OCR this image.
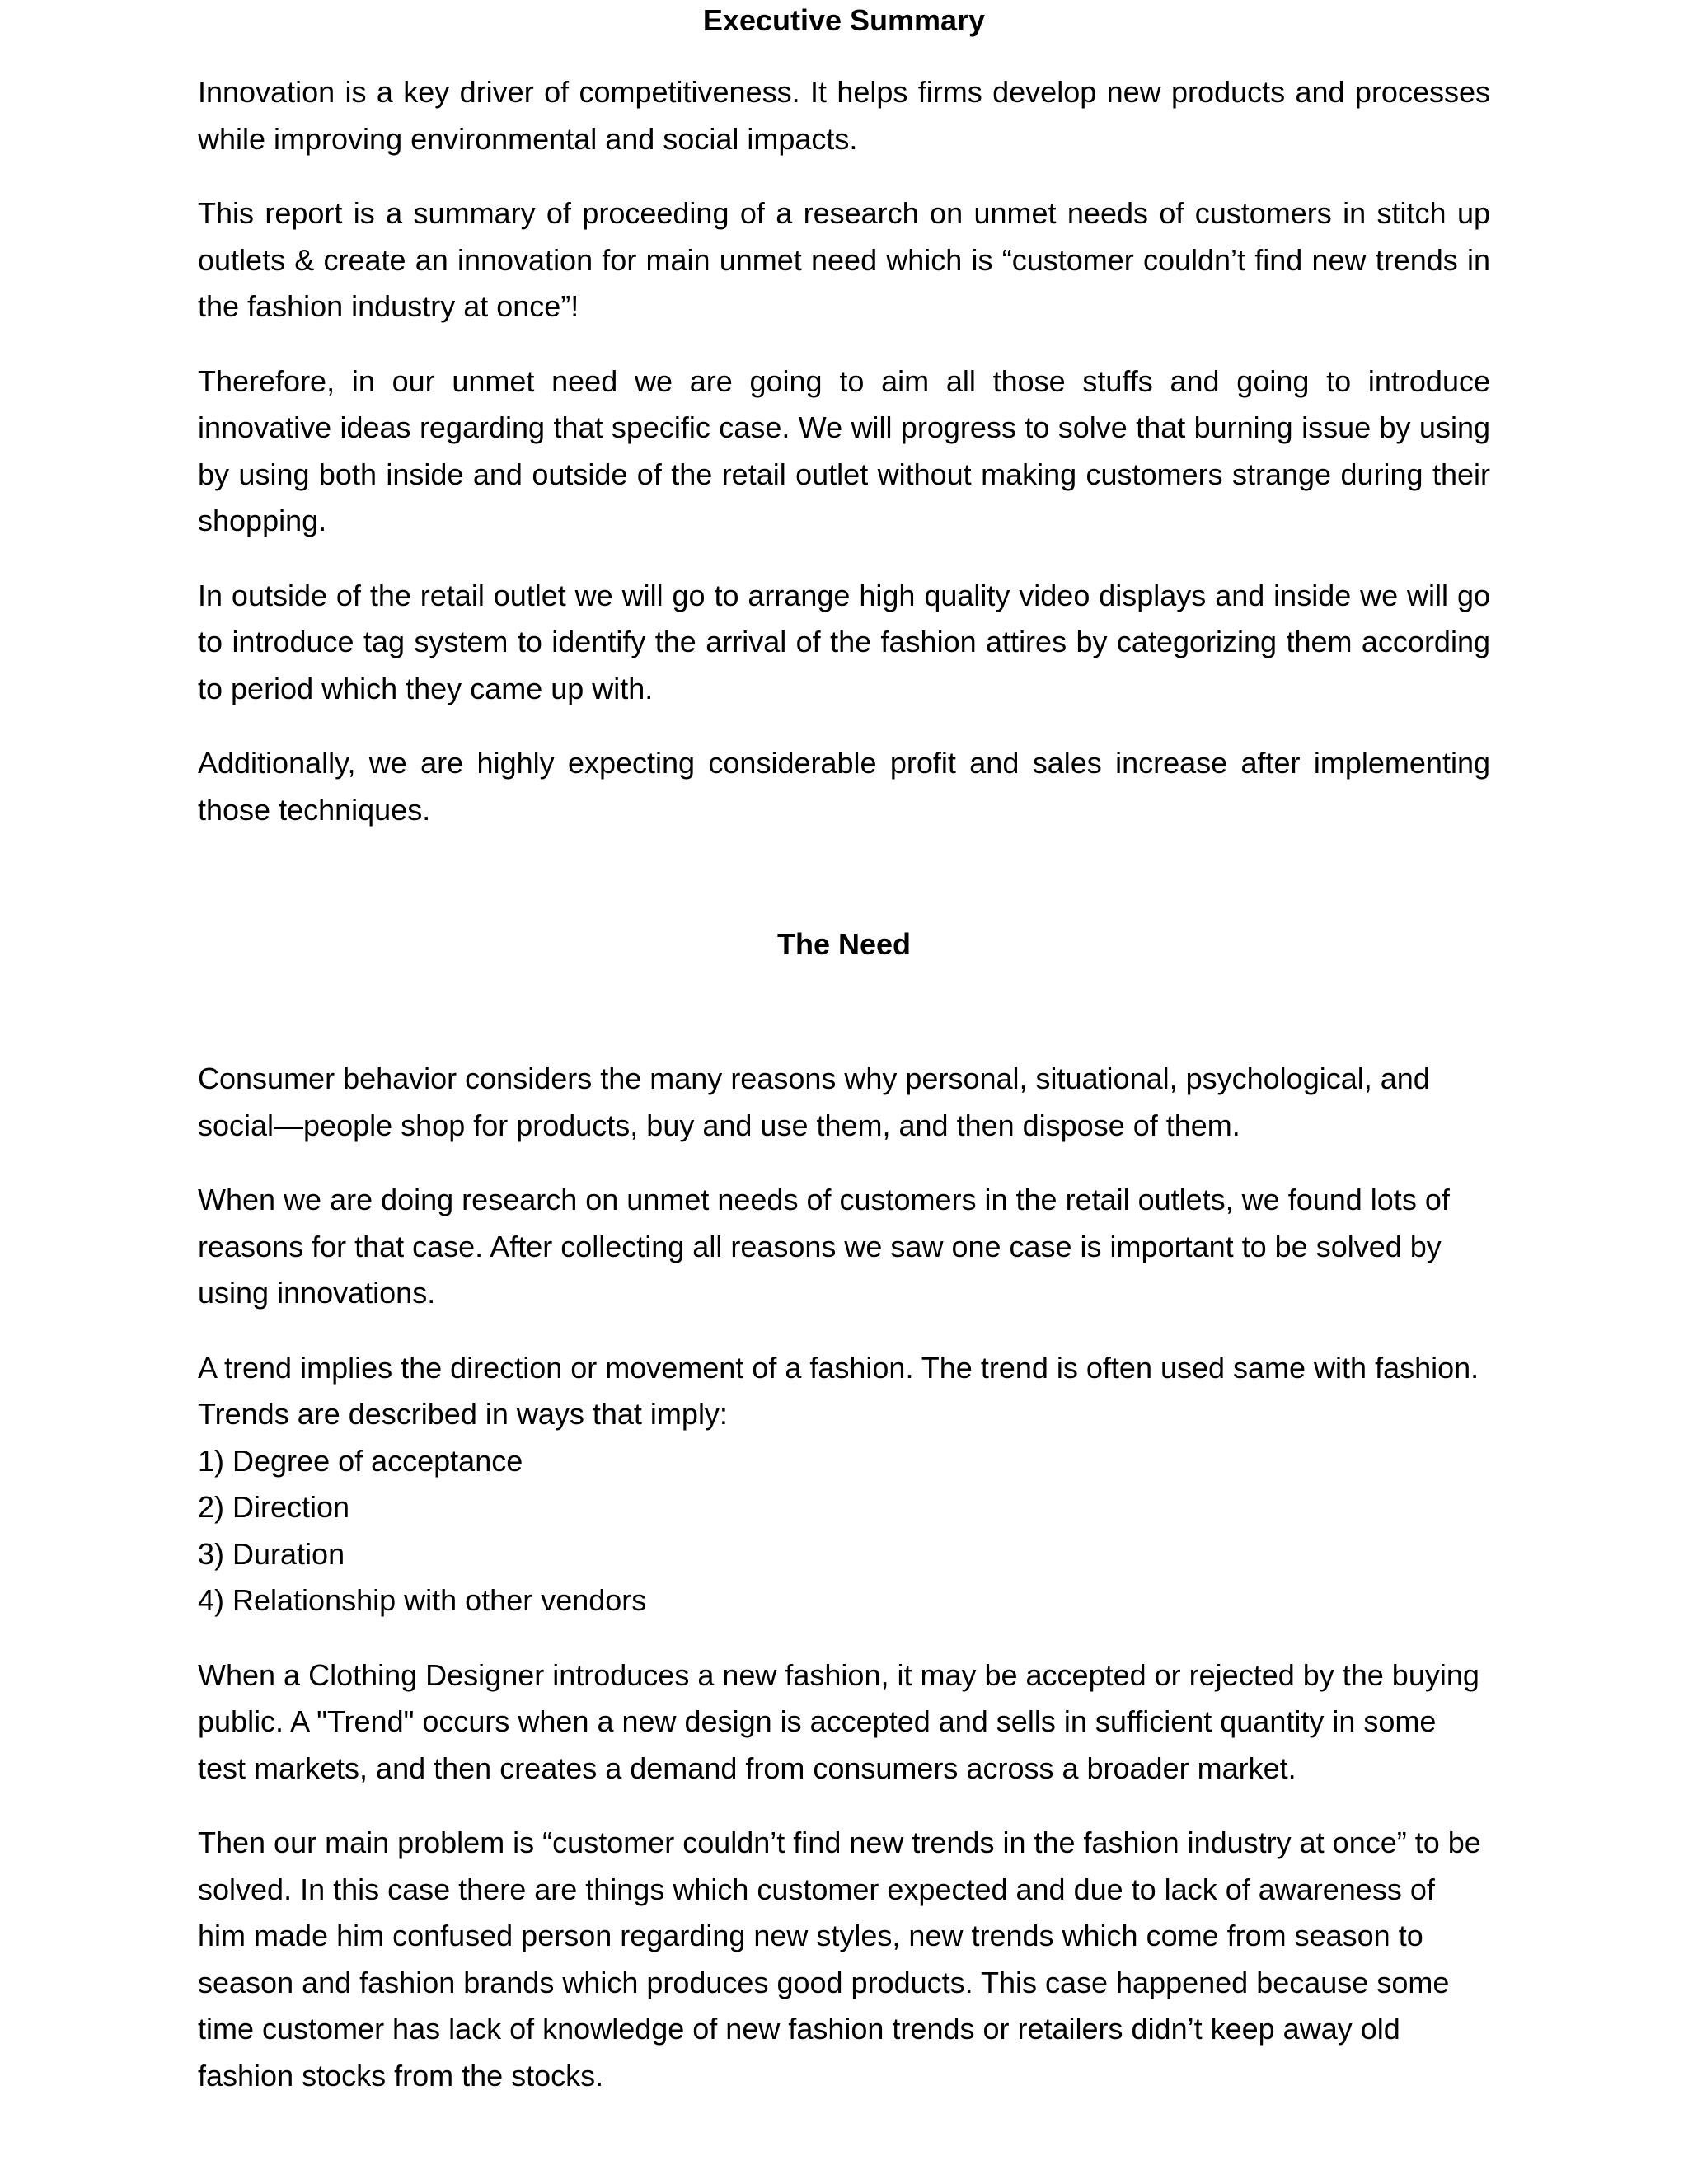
Executive Summary

Innovation is a key driver of competitiveness. It helps firms develop new products and processes while improving environmental and social impacts.

This report is a summary of proceeding of a research on unmet needs of customers in stitch up outlets & create an innovation for main unmet need which is “customer couldn’t find new trends in the fashion industry at once”!

Therefore, in our unmet need we are going to aim all those stuffs and going to introduce innovative ideas regarding that specific case. We will progress to solve that burning issue by using by using both inside and outside of the retail outlet without making customers strange during their shopping.

In outside of the retail outlet we will go to arrange high quality video displays and inside we will go to introduce tag system to identify the arrival of the fashion attires by categorizing them according to period which they came up with.

Additionally, we are highly expecting considerable profit and sales increase after implementing those techniques.

The Need

Consumer behavior considers the many reasons why personal, situational, psychological, and social—people shop for products, buy and use them, and then dispose of them.

When we are doing research on unmet needs of customers in the retail outlets, we found lots of reasons for that case. After collecting all reasons we saw one case is important to be solved by using innovations.

A trend implies the direction or movement of a fashion. The trend is often used same with fashion. Trends are described in ways that imply:

1) Degree of acceptance
2) Direction
3) Duration
4) Relationship with other vendors

When a Clothing Designer introduces a new fashion, it may be accepted or rejected by the buying public. A "Trend" occurs when a new design is accepted and sells in sufficient quantity in some test markets, and then creates a demand from consumers across a broader market.

Then our main problem is “customer couldn’t find new trends in the fashion industry at once” to be solved. In this case there are things which customer expected and due to lack of awareness of him made him confused person regarding new styles, new trends which come from season to season and fashion brands which produces good products. This case happened because some time customer has lack of knowledge of new fashion trends or retailers didn’t keep away old fashion stocks from the stocks.
